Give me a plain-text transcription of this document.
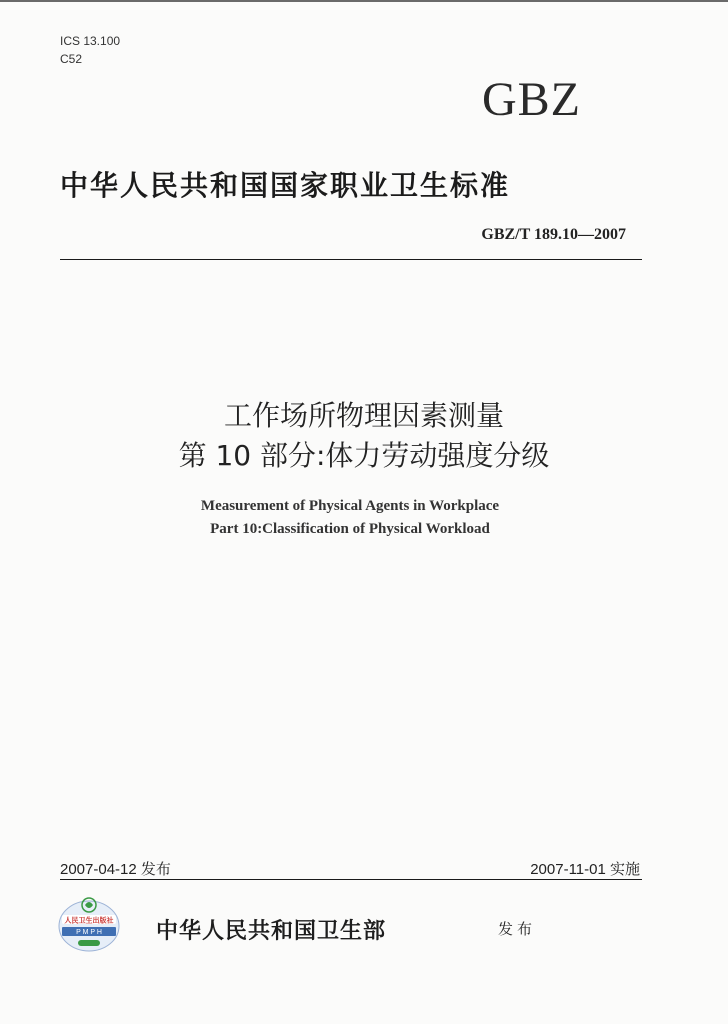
ICS 13.100
C52
GBZ
中华人民共和国国家职业卫生标准
GBZ/T 189.10—2007
工作场所物理因素测量
第 10 部分:体力劳动强度分级
Measurement of Physical Agents in Workplace
Part 10:Classification of Physical Workload
2007-04-12 发布	2007-11-01 实施
人民卫生出版社
P M P H 中华人民共和国卫生部	发布
